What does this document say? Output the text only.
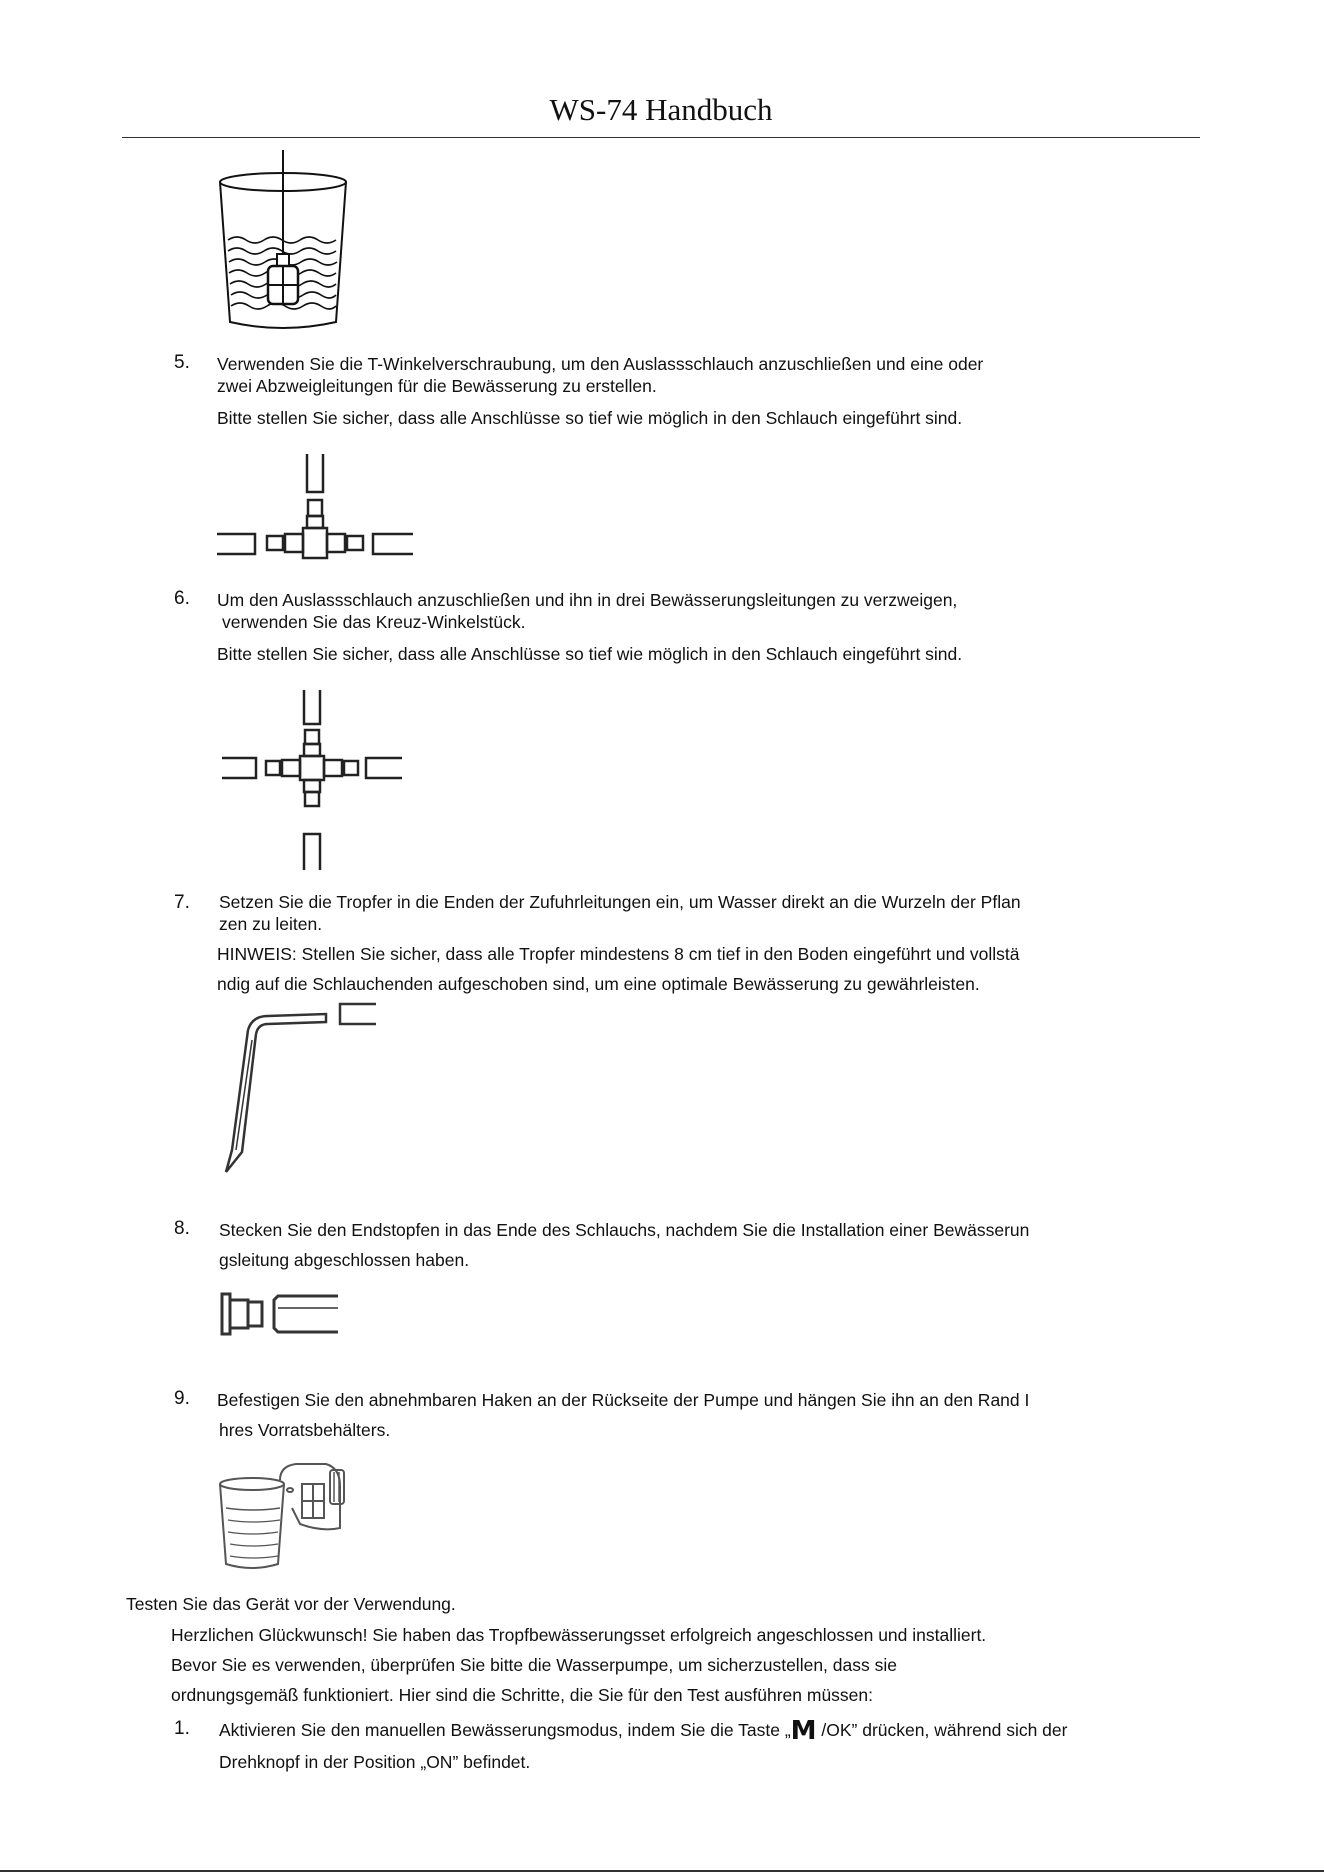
WS-74 Handbuch
5. Verwenden Sie die T-Winkelverschraubung, um den Auslassschlauch anzuschließen und eine oder
zwei Abzweigleitungen für die Bewässerung zu erstellen.
Bitte stellen Sie sicher, dass alle Anschlüsse so tief wie möglich in den Schlauch eingeführt sind.
6. Um den Auslassschlauch anzuschließen und ihn in drei Bewässerungsleitungen zu verzweigen,
verwenden Sie das Kreuz-Winkelstück.
Bitte stellen Sie sicher, dass alle Anschlüsse so tief wie möglich in den Schlauch eingeführt sind.
7. Setzen Sie die Tropfer in die Enden der Zufuhrleitungen ein, um Wasser direkt an die Wurzeln der Pflan
zen zu leiten.
HINWEIS: Stellen Sie sicher, dass alle Tropfer mindestens 8 cm tief in den Boden eingeführt und vollstä
ndig auf die Schlauchenden aufgeschoben sind, um eine optimale Bewässerung zu gewährleisten.
8. Stecken Sie den Endstopfen in das Ende des Schlauchs, nachdem Sie die Installation einer Bewässerun
gsleitung abgeschlossen haben.
9. Befestigen Sie den abnehmbaren Haken an der Rückseite der Pumpe und hängen Sie ihn an den Rand I
hres Vorratsbehälters.
Testen Sie das Gerät vor der Verwendung.
Herzlichen Glückwunsch! Sie haben das Tropfbewässerungsset erfolgreich angeschlossen und installiert.
Bevor Sie es verwenden, überprüfen Sie bitte die Wasserpumpe, um sicherzustellen, dass sie
ordnungsgemäß funktioniert. Hier sind die Schritte, die Sie für den Test ausführen müssen:
1. Aktivieren Sie den manuellen Bewässerungsmodus, indem Sie die Taste „M /OK” drücken, während sich der
Drehknopf in der Position „ON” befindet.
